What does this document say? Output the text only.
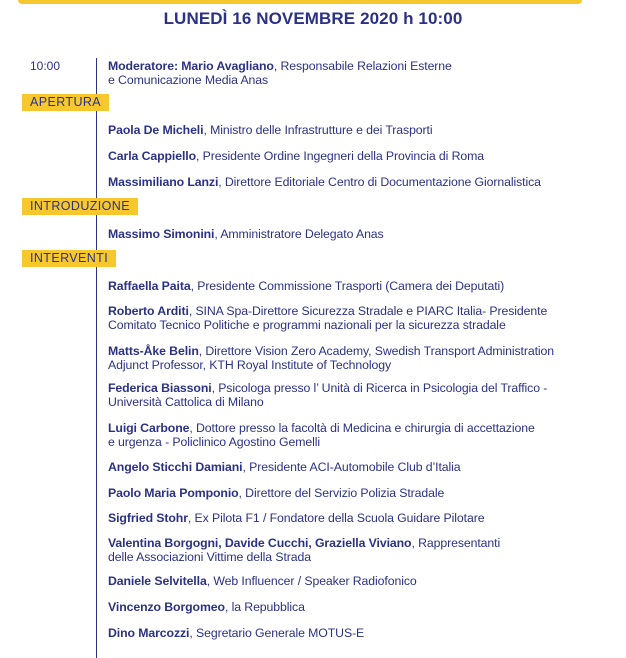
LUNEDÌ 16 NOVEMBRE 2020 h 10:00
10:00	Moderatore: Mario Avagliano, Responsabile Relazioni Esterne
e Comunicazione Media Anas
APERTURA
Paola De Micheli, Ministro delle Infrastrutture e dei Trasporti
Carla Cappiello, Presidente Ordine Ingegneri della Provincia di Roma
Massimiliano Lanzi, Direttore Editoriale Centro di Documentazione Giornalistica
INTRODUZIONE
Massimo Simonini, Amministratore Delegato Anas
INTERVENTI
Raffaella Paita, Presidente Commissione Trasporti (Camera dei Deputati)
Roberto Arditi, SINA Spa-Direttore Sicurezza Stradale e PIARC Italia- Presidente
Comitato Tecnico Politiche e programmi nazionali per la sicurezza stradale
Matts-Åke Belin, Direttore Vision Zero Academy, Swedish Transport Administration
Adjunct Professor, KTH Royal Institute of Technology
Federica Biassoni, Psicologa presso l’ Unità di Ricerca in Psicologia del Traffico -
Università Cattolica di Milano
Luigi Carbone, Dottore presso la facoltà di Medicina e chirurgia di accettazione
e urgenza - Policlinico Agostino Gemelli
Angelo Sticchi Damiani, Presidente ACI-Automobile Club d’Italia
Paolo Maria Pomponio, Direttore del Servizio Polizia Stradale
Sigfried Stohr, Ex Pilota F1 / Fondatore della Scuola Guidare Pilotare
Valentina Borgogni, Davide Cucchi, Graziella Viviano, Rappresentanti
delle Associazioni Vittime della Strada
Daniele Selvitella, Web Influencer / Speaker Radiofonico
Vincenzo Borgomeo, la Repubblica
Dino Marcozzi, Segretario Generale MOTUS-E
